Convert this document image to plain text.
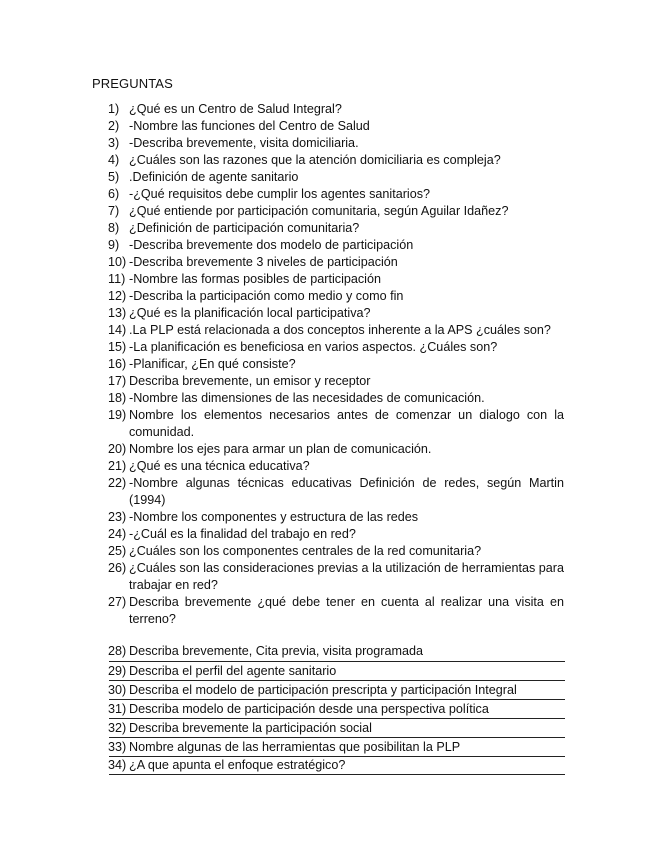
PREGUNTAS
1) ¿Qué es un Centro de Salud Integral?
2) -Nombre las funciones del Centro de Salud
3) -Describa brevemente, visita domiciliaria.
4) ¿Cuáles son las razones que la atención domiciliaria es compleja?
5) .Definición de agente sanitario
6) -¿Qué requisitos debe cumplir los agentes sanitarios?
7) ¿Qué entiende por participación comunitaria, según Aguilar Idañez?
8) ¿Definición de participación comunitaria?
9) -Describa brevemente dos modelo de participación
10) -Describa brevemente 3 niveles de participación
11) -Nombre las formas posibles de participación
12) -Describa la participación como medio y como fin
13) ¿Qué es la planificación local participativa?
14) .La PLP está relacionada a dos conceptos inherente a la APS ¿cuáles son?
15) -La planificación es beneficiosa en varios aspectos. ¿Cuáles son?
16) -Planificar, ¿En qué consiste?
17) Describa brevemente, un emisor y receptor
18) -Nombre las dimensiones de las necesidades de comunicación.
19) Nombre los elementos necesarios antes de comenzar un dialogo con la comunidad.
20) Nombre los ejes para armar un plan de comunicación.
21) ¿Qué es una técnica educativa?
22) -Nombre algunas técnicas educativas Definición de redes, según Martin (1994)
23) -Nombre los componentes y estructura de las redes
24) -¿Cuál es la finalidad del trabajo en red?
25) ¿Cuáles son los componentes centrales de la red comunitaria?
26) ¿Cuáles son las consideraciones previas a la utilización de herramientas para trabajar en red?
27) Describa brevemente ¿qué debe tener en cuenta al realizar una visita en terreno?
28) Describa brevemente, Cita previa, visita programada
29) Describa el perfil del agente sanitario
30) Describa el modelo de participación prescripta y participación Integral
31) Describa modelo de participación desde una perspectiva política
32) Describa brevemente la participación social
33) Nombre algunas de las herramientas que posibilitan la PLP
34) ¿A que apunta el enfoque estratégico?
